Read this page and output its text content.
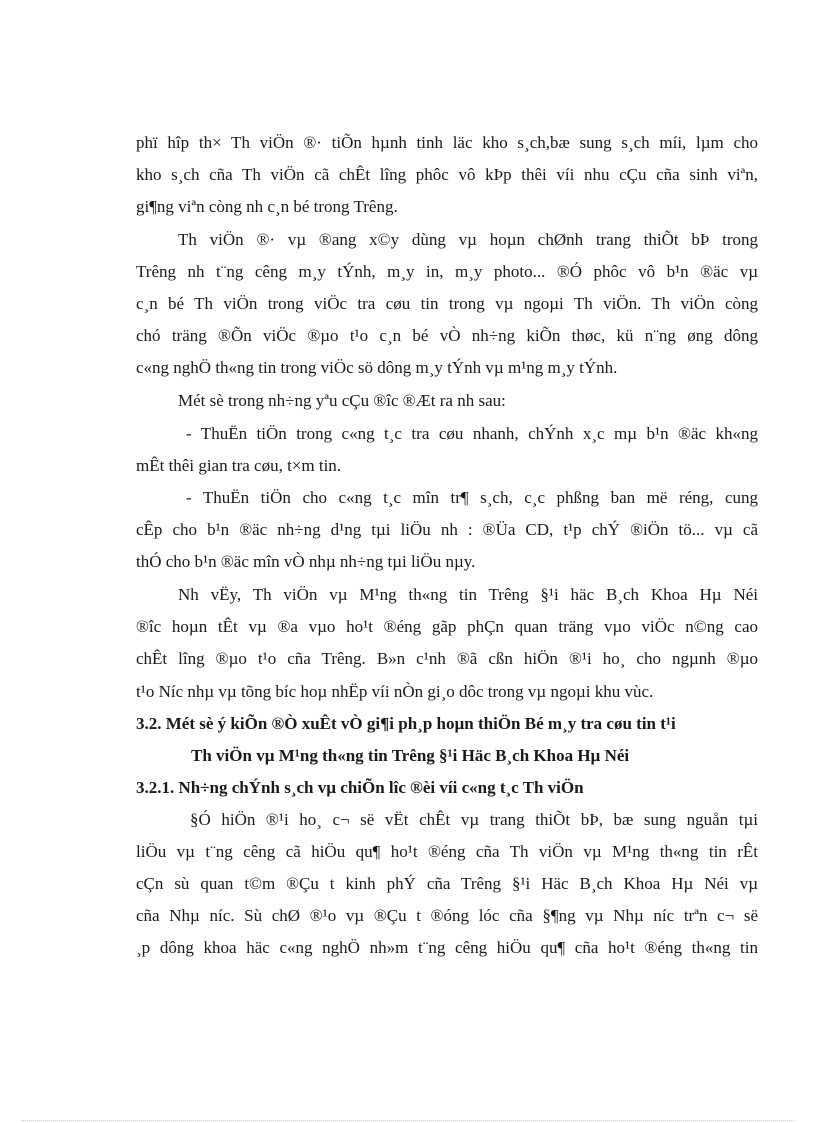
phï hîp th× Th viÖn ®· tiÕn hµnh tinh läc kho s¸ch,bæ sung s¸ch míi, lµm cho
kho s¸ch cña Th viÖn cã chÊt lîng phôc vô kÞp thêi víi nhu cÇu cña sinh viªn,
gi¶ng viªn còng nh c¸n bé trong Trêng.
Th viÖn ®· vµ ®ang x©y dùng vµ hoµn chØnh trang thiÕt bÞ trong
Trêng nh t¨ng cêng m¸y tÝnh, m¸y in, m¸y photo... ®Ó phôc vô b¹n ®äc vµ
c¸n bé Th viÖn trong viÖc tra cøu tin trong vµ ngoµi Th viÖn. Th viÖn còng
chó träng ®Õn viÖc ®µo t¹o c¸n bé vÒ nh÷ng kiÕn thøc, kü n¨ng øng dông
c«ng nghÖ th«ng tin trong viÖc sö dông m¸y tÝnh vµ m¹ng m¸y tÝnh.
Mét sè trong nh÷ng yªu cÇu ®îc ®Æt ra nh sau:
- ThuËn tiÖn trong c«ng t¸c tra cøu nhanh, chÝnh x¸c mµ b¹n ®äc kh«ng
mÊt thêi gian tra cøu, t×m tin.
- ThuËn tiÖn cho c«ng t¸c mîn tr¶ s¸ch, c¸c phßng ban më réng, cung
cÊp cho b¹n ®äc nh÷ng d¹ng tµi liÖu nh : ®Üa CD, t¹p chÝ ®iÖn tö... vµ cã
thÓ cho b¹n ®äc mîn vÒ nhµ nh÷ng tµi liÖu nµy.
Nh vËy, Th viÖn vµ M¹ng th«ng tin Trêng §¹i häc B¸ch Khoa Hµ Néi
®îc hoµn tÊt vµ ®a vµo ho¹t ®éng gãp phÇn quan träng vµo viÖc n©ng cao
chÊt lîng ®µo t¹o cña Trêng. B»n c¹nh ®ã cßn hiÖn ®¹i ho¸ cho ngµnh ®µo
t¹o Níc nhµ vµ tõng bíc hoµ nhËp víi nÒn gi¸o dôc trong vµ ngoµi khu vùc.
3.2. Mét sè ý kiÕn ®Ò xuÊt vÒ gi¶i ph¸p hoµn thiÖn Bé m¸y tra cøu tin t¹i
Th viÖn vµ M¹ng th«ng tin Trêng §¹i Häc B¸ch Khoa Hµ Néi
3.2.1. Nh÷ng chÝnh s¸ch vµ chiÕn lîc ®èi víi c«ng t¸c Th viÖn
§Ó hiÖn ®¹i ho¸ c¬ së vËt chÊt vµ trang thiÕt bÞ, bæ sung nguån tµi
liÖu vµ t¨ng cêng cã hiÖu qu¶ ho¹t ®éng cña Th viÖn vµ M¹ng th«ng tin rÊt
cÇn sù quan t©m ®Çu t kinh phÝ cña Trêng §¹i Häc B¸ch Khoa Hµ Néi vµ
cña Nhµ níc. Sù chØ ®¹o vµ ®Çu t ®óng lóc cña §¶ng vµ Nhµ níc trªn c¬ së
¸p dông khoa häc c«ng nghÖ nh»m t¨ng cêng hiÖu qu¶ cña ho¹t ®éng th«ng tin
